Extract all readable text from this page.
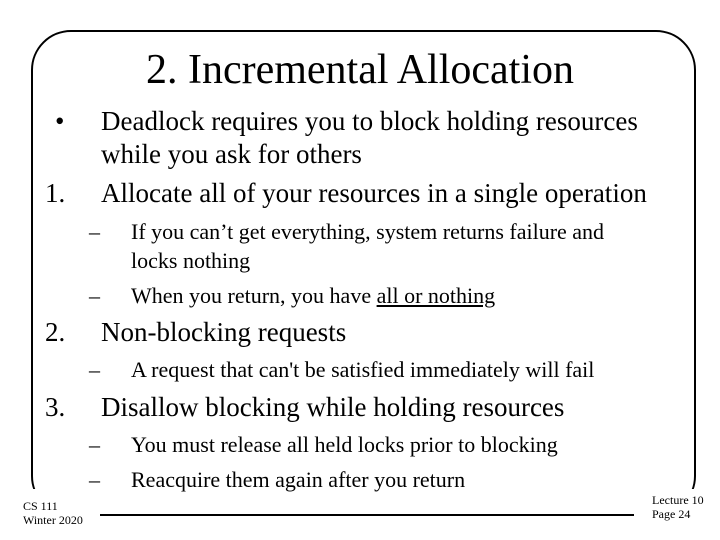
2. Incremental Allocation
• Deadlock requires you to block holding resources
while you ask for others
1. Allocate all of your resources in a single operation
– If you can’t get everything, system returns failure and
locks nothing
– When you return, you have all or nothing
2. Non-blocking requests
– A request that can't be satisfied immediately will fail
3. Disallow blocking while holding resources
– You must release all held locks prior to blocking
– Reacquire them again after you return
CS 111
Winter 2020
Lecture 10
Page 24
